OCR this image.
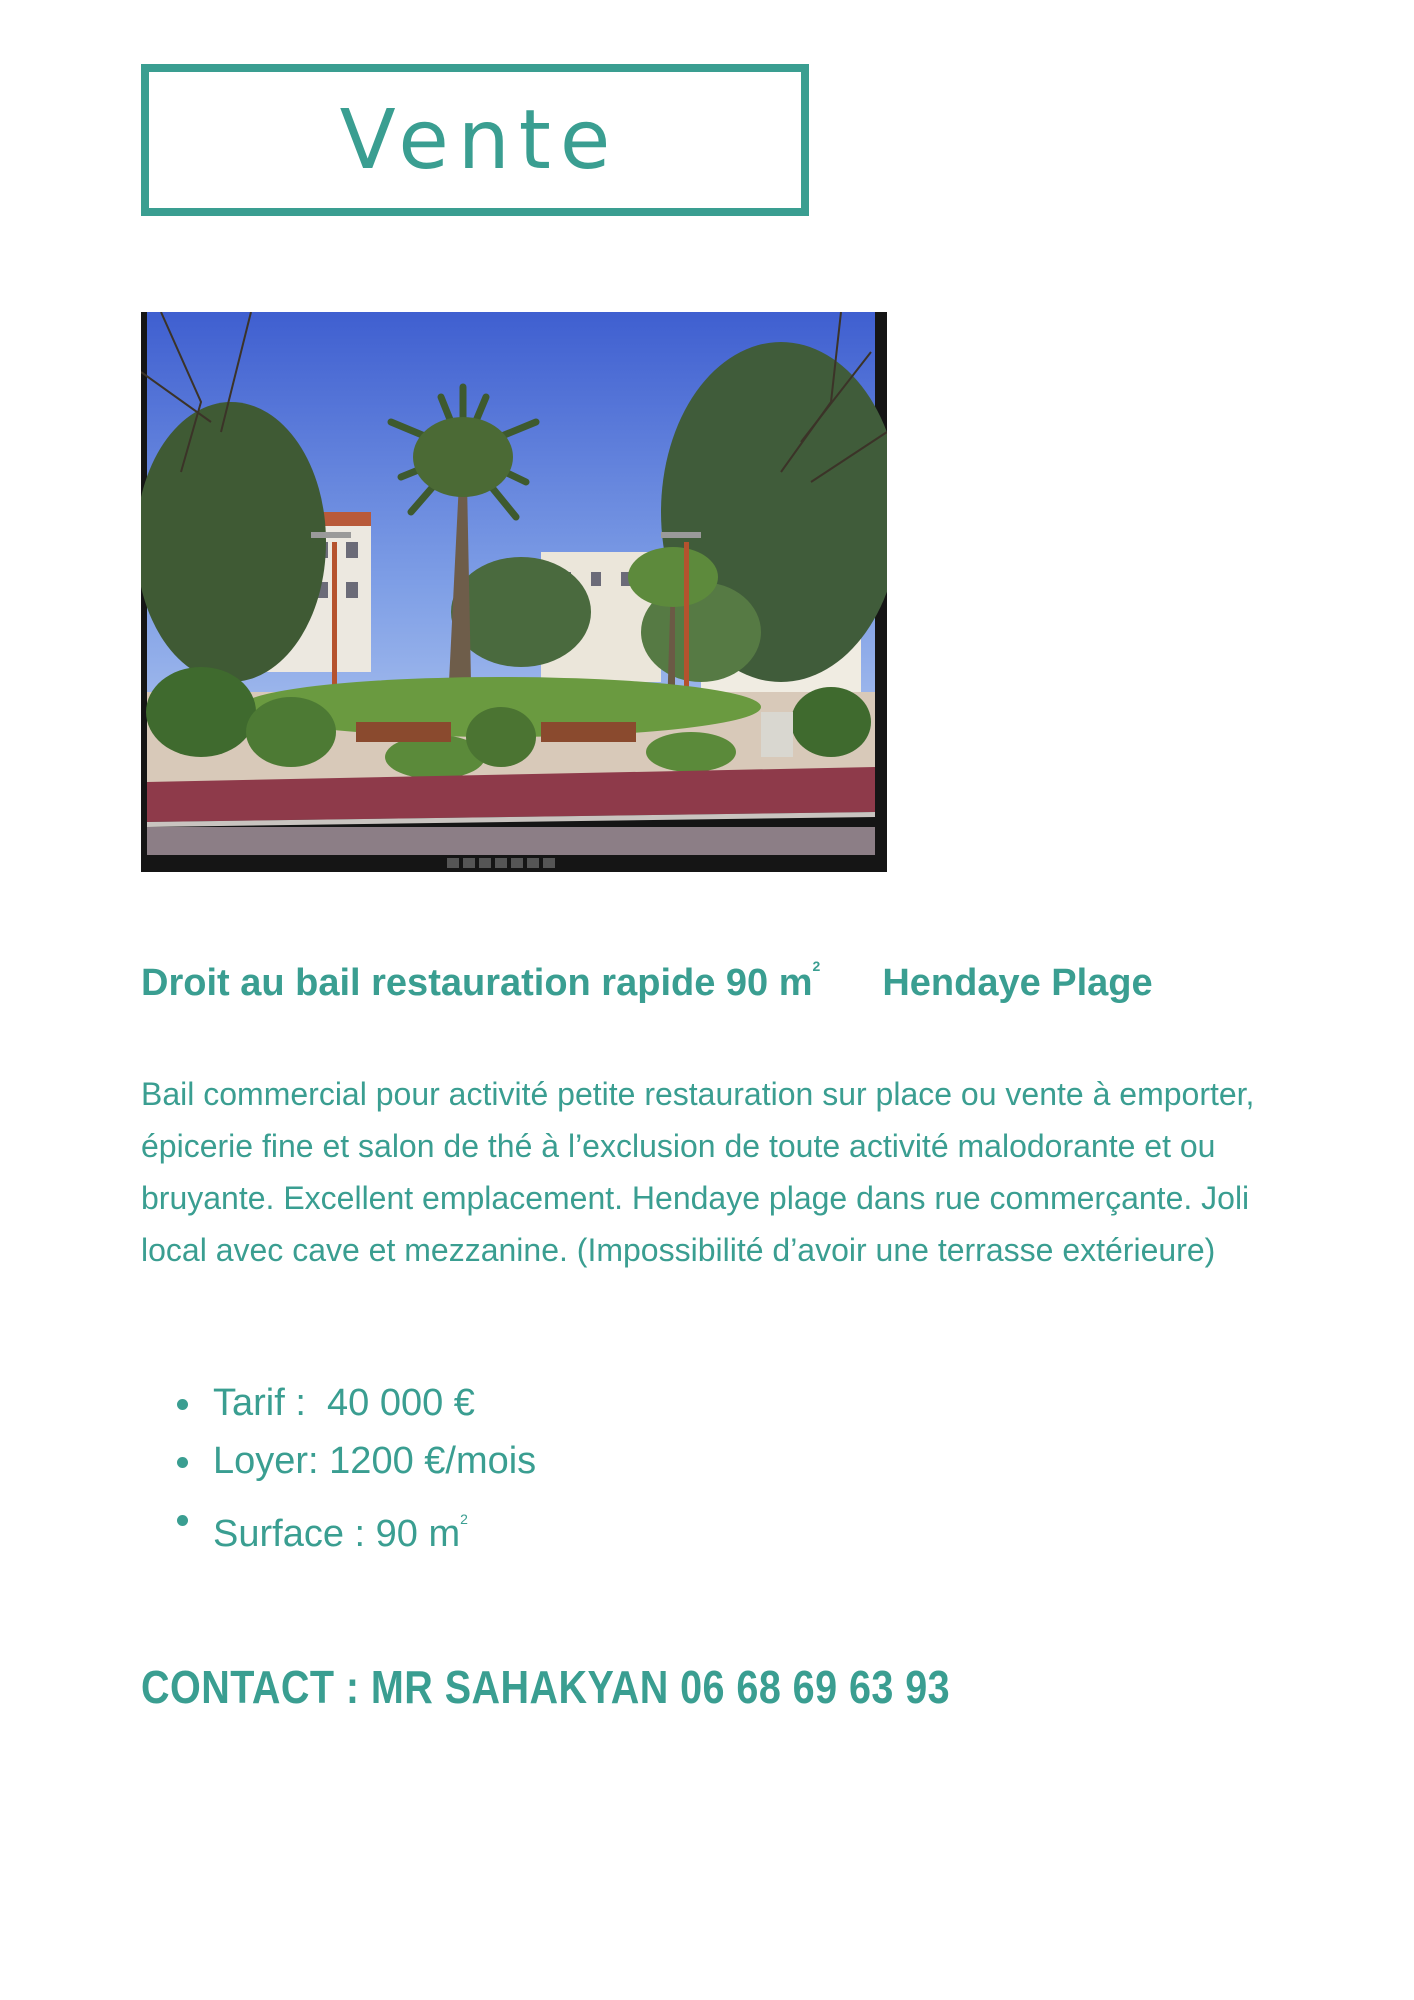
Vente
Droit au bail restauration rapide 90 $m^2$ Hendaye Plage

Bail commercial pour activité petite restauration sur place ou vente à emporter, épicerie fine et salon de thé à l’exclusion de toute activité malodorante et ou bruyante. Excellent emplacement. Hendaye plage dans rue commerçante. Joli local avec cave et mezzanine. (Impossibilité d’avoir une terrasse extérieure)

Tarif :  40 000 €
Loyer: 1200 €/mois
Surface : 90 $m^2$
CONTACT : MR SAHAKYAN 06 68 69 63 93
